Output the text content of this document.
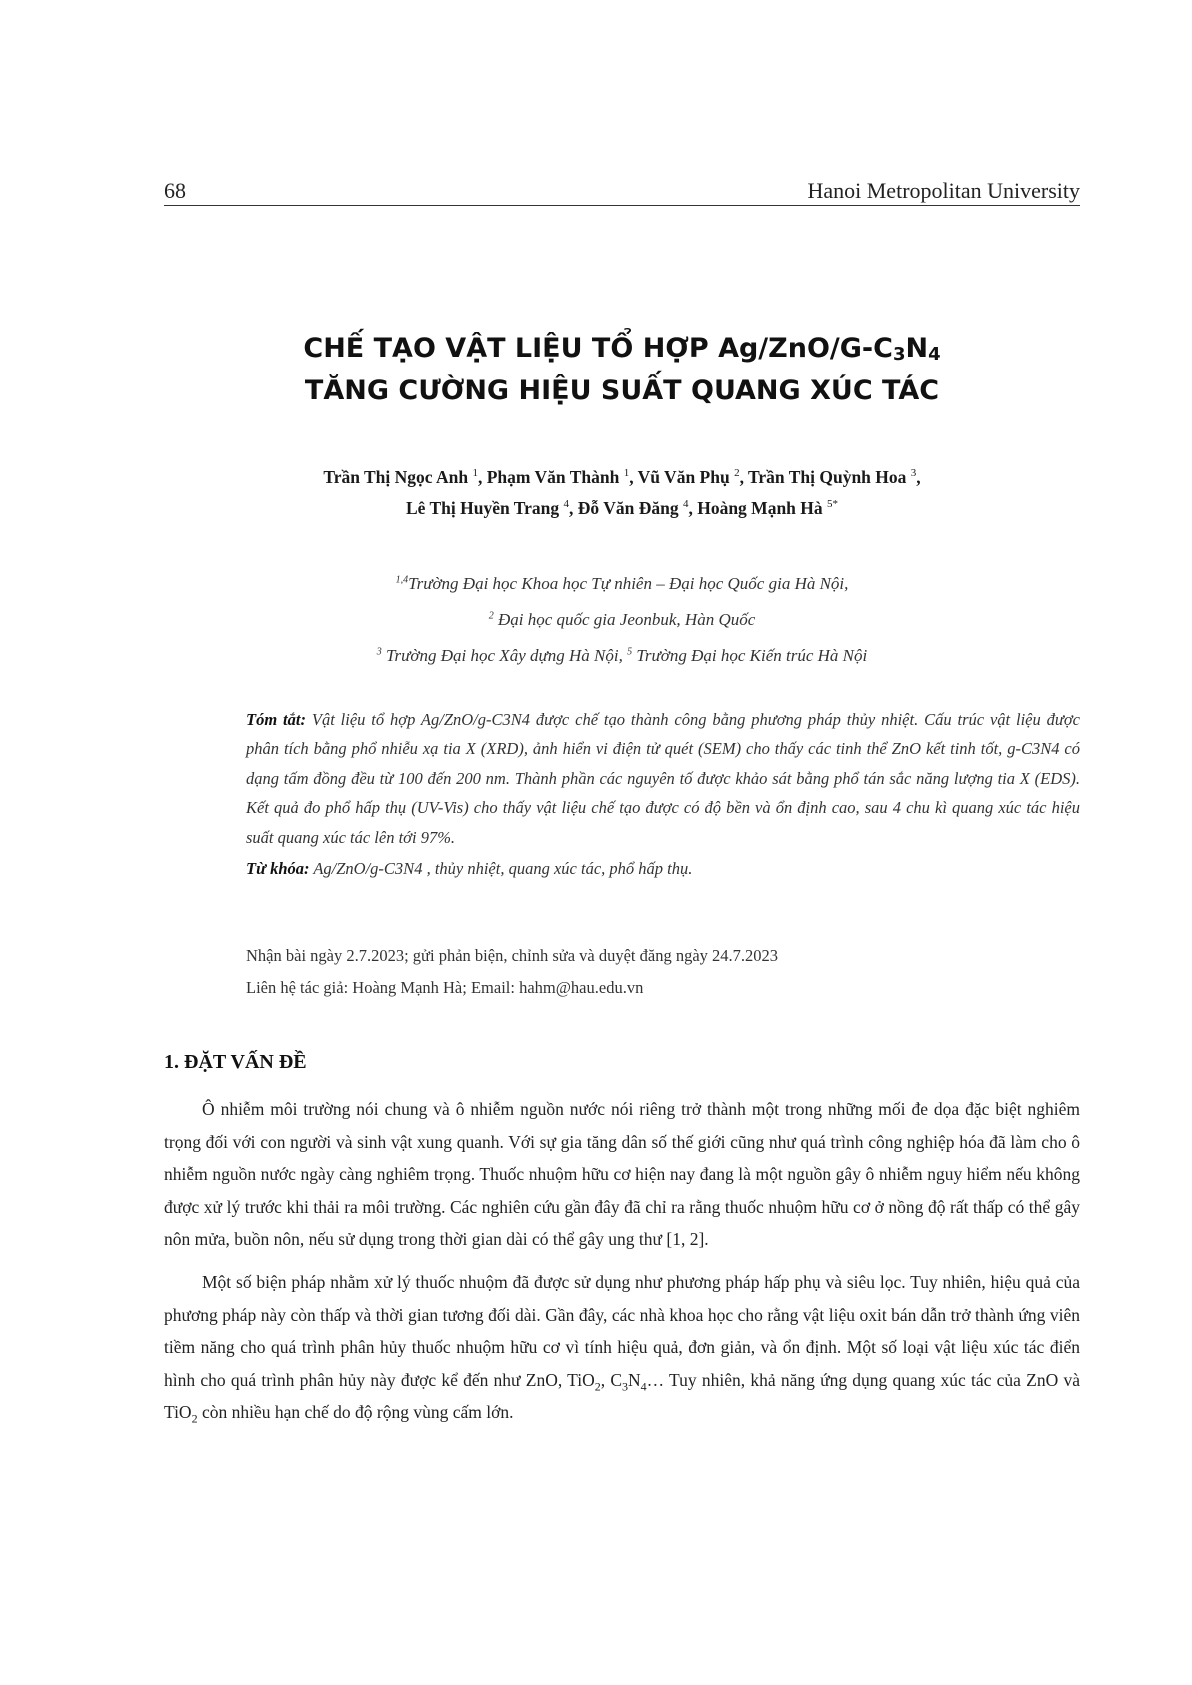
68	Hanoi Metropolitan University
CHẾ TẠO VẬT LIỆU TỔ HỢP $Ag/ZnO/G-C_3N_4$
TĂNG CƯỜNG HIỆU SUẤT QUANG XÚC TÁC
Trần Thị Ngọc Anh $^1$, Phạm Văn Thành $^1$, Vũ Văn Phụ $^2$, Trần Thị Quỳnh Hoa $^3$,
Lê Thị Huyền Trang $^4$, Đỗ Văn Đăng $^4$, Hoàng Mạnh Hà $^{5*}$
$^{1,4}$Trường Đại học Khoa học Tự nhiên – Đại học Quốc gia Hà Nội,
$^2$ Đại học quốc gia Jeonbuk, Hàn Quốc
$^3$ Trường Đại học Xây dựng Hà Nội, $^5$ Trường Đại học Kiến trúc Hà Nội
Tóm tắt: Vật liệu tổ hợp Ag/ZnO/g-C3N4 được chế tạo thành công bằng phương pháp thủy nhiệt. Cấu trúc vật liệu được phân tích bằng phổ nhiễu xạ tia X (XRD), ảnh hiển vi điện tử quét (SEM) cho thấy các tinh thể ZnO kết tinh tốt, g-C3N4 có dạng tấm đồng đều từ 100 đến 200 nm. Thành phần các nguyên tố được khảo sát bằng phổ tán sắc năng lượng tia X (EDS). Kết quả đo phổ hấp thụ (UV-Vis) cho thấy vật liệu chế tạo được có độ bền và ổn định cao, sau 4 chu kì quang xúc tác hiệu suất quang xúc tác lên tới 97%.
Từ khóa: Ag/ZnO/g-C3N4 , thủy nhiệt, quang xúc tác, phổ hấp thụ.
Nhận bài ngày 2.7.2023; gửi phản biện, chỉnh sửa và duyệt đăng ngày 24.7.2023
Liên hệ tác giả: Hoàng Mạnh Hà; Email: hahm@hau.edu.vn
1. ĐẶT VẤN ĐỀ

Ô nhiễm môi trường nói chung và ô nhiễm nguồn nước nói riêng trở thành một trong những mối đe dọa đặc biệt nghiêm trọng đối với con người và sinh vật xung quanh. Với sự gia tăng dân số thế giới cũng như quá trình công nghiệp hóa đã làm cho ô nhiễm nguồn nước ngày càng nghiêm trọng. Thuốc nhuộm hữu cơ hiện nay đang là một nguồn gây ô nhiễm nguy hiểm nếu không được xử lý trước khi thải ra môi trường. Các nghiên cứu gần đây đã chỉ ra rằng thuốc nhuộm hữu cơ ở nồng độ rất thấp có thể gây nôn mửa, buồn nôn, nếu sử dụng trong thời gian dài có thể gây ung thư [1, 2].

Một số biện pháp nhằm xử lý thuốc nhuộm đã được sử dụng như phương pháp hấp phụ và siêu lọc. Tuy nhiên, hiệu quả của phương pháp này còn thấp và thời gian tương đối dài. Gần đây, các nhà khoa học cho rằng vật liệu oxit bán dẫn trở thành ứng viên tiềm năng cho quá trình phân hủy thuốc nhuộm hữu cơ vì tính hiệu quả, đơn giản, và ổn định. Một số loại vật liệu xúc tác điển hình cho quá trình phân hủy này được kể đến như ZnO, TiO$_2$, $C_3N_4\dots$ Tuy nhiên, khả năng ứng dụng quang xúc tác của ZnO và TiO$_2$ còn nhiều hạn chế do độ rộng vùng cấm lớn.
